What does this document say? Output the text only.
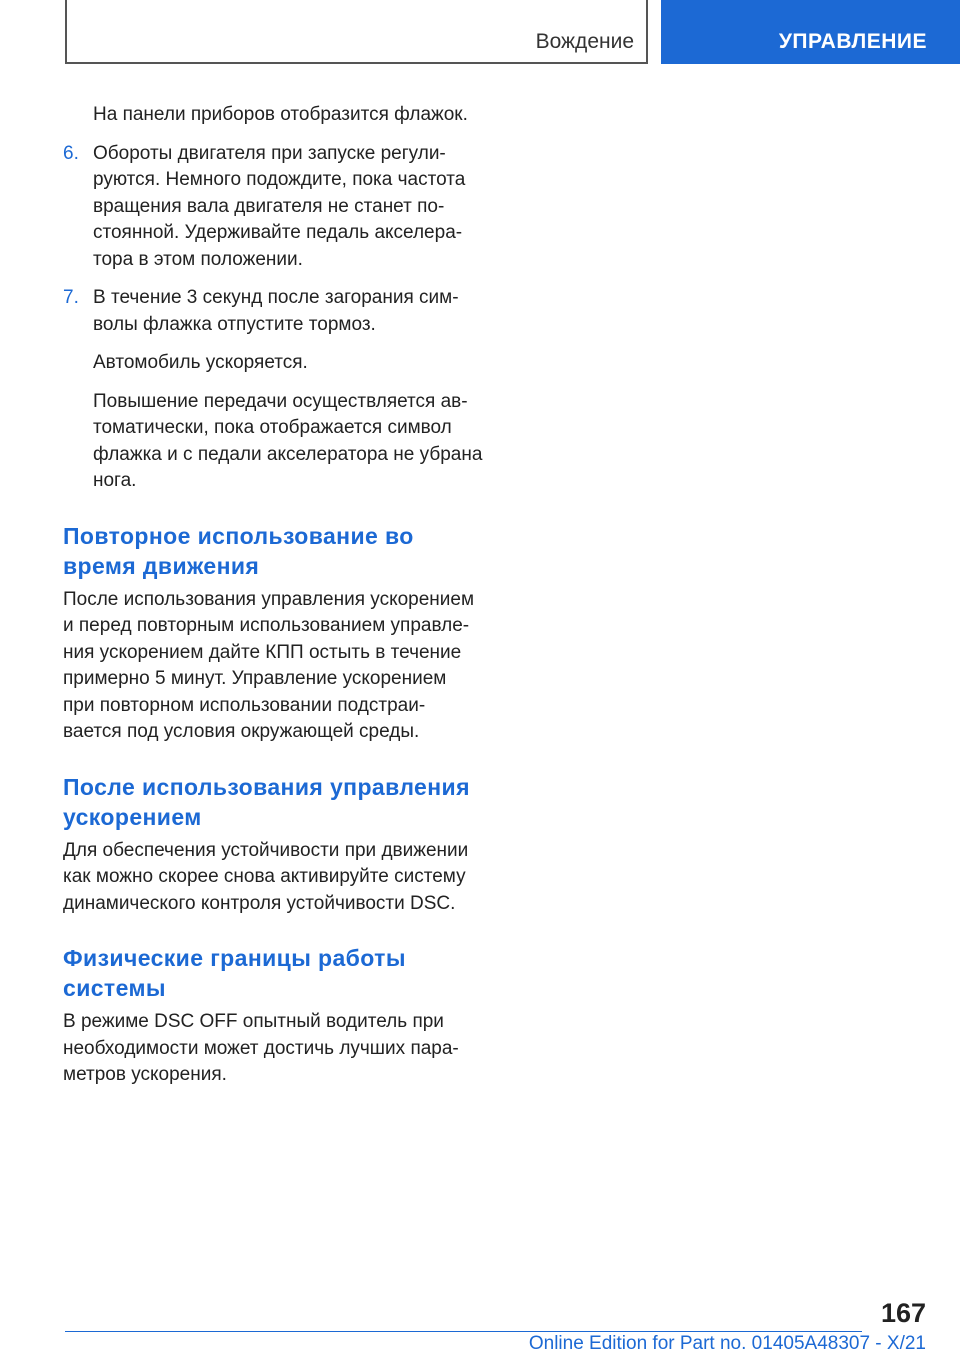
Вождение	УПРАВЛЕНИЕ

На панели приборов отобразится флажок.

6. Обороты двигателя при запуске регули‐
руются. Немного подождите, пока частота
вращения вала двигателя не станет по‐
стоянной. Удерживайте педаль акселера‐
тора в этом положении.
7. В течение 3 секунд после загорания сим‐
волы флажка отпустите тормоз.

Автомобиль ускоряется.

Повышение передачи осуществляется ав‐
томатически, пока отображается символ
флажка и с педали акселератора не убрана
нога.

Повторное использование во
время движения

После использования управления ускорением
и перед повторным использованием управле‐
ния ускорением дайте КПП остыть в течение
примерно 5 минут. Управление ускорением
при повторном использовании подстраи‐
вается под условия окружающей среды.

После использования управления
ускорением

Для обеспечения устойчивости при движении
как можно скорее снова активируйте систему
динамического контроля устойчивости DSC.

Физические границы работы
системы

В режиме DSC OFF опытный водитель при
необходимости может достичь лучших пара‐
метров ускорения.

167
Online Edition for Part no. 01405A48307 - X/21
